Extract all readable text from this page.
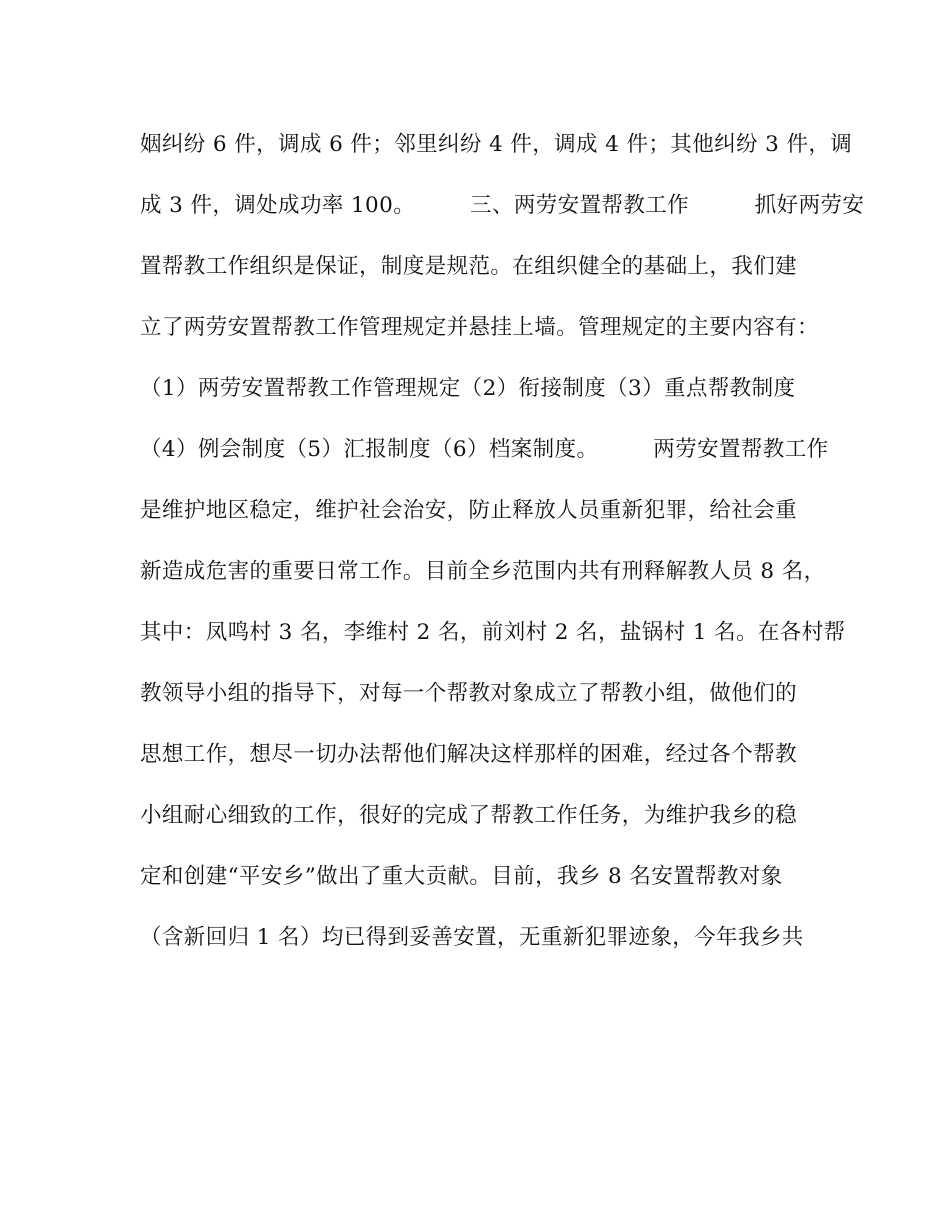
姻纠纷 6 件，调成 6 件；邻里纠纷 4 件，调成 4 件；其他纠纷 3 件，调
成 3 件，调处成功率 100。　　　三、两劳安置帮教工作　　　抓好两劳安
置帮教工作组织是保证，制度是规范。在组织健全的基础上，我们建
立了两劳安置帮教工作管理规定并悬挂上墙。管理规定的主要内容有：
（1）两劳安置帮教工作管理规定（2）衔接制度（3）重点帮教制度
（4）例会制度（5）汇报制度（6）档案制度。　　　两劳安置帮教工作
是维护地区稳定，维护社会治安，防止释放人员重新犯罪，给社会重
新造成危害的重要日常工作。目前全乡范围内共有刑释解教人员 8 名，
其中：凤鸣村 3 名，李维村 2 名，前刘村 2 名，盐锅村 1 名。在各村帮
教领导小组的指导下，对每一个帮教对象成立了帮教小组，做他们的
思想工作，想尽一切办法帮他们解决这样那样的困难，经过各个帮教
小组耐心细致的工作，很好的完成了帮教工作任务，为维护我乡的稳
定和创建“平安乡”做出了重大贡献。目前，我乡 8 名安置帮教对象
（含新回归 1 名）均已得到妥善安置，无重新犯罪迹象，今年我乡共
